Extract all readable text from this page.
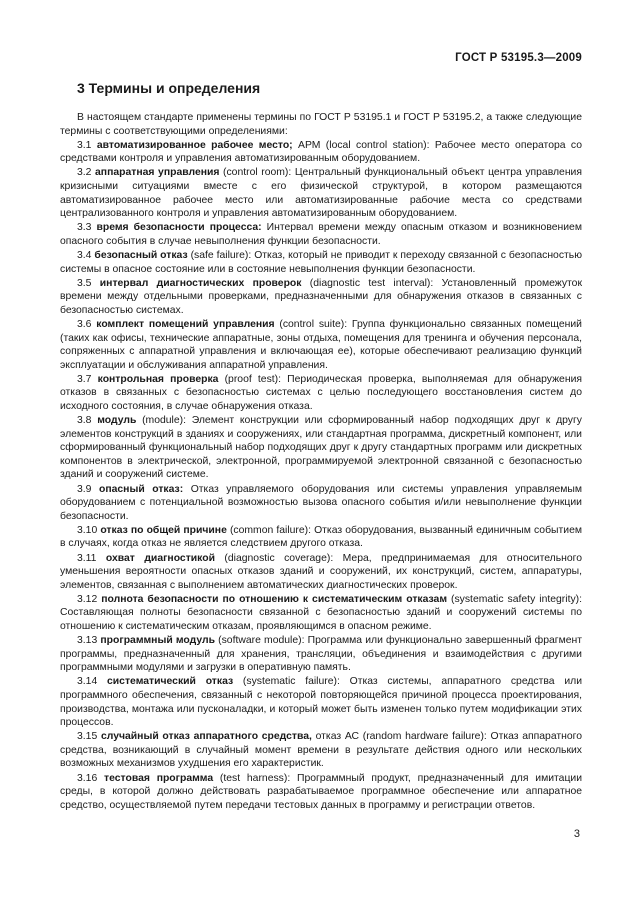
ГОСТ Р 53195.3—2009
3 Термины и определения

В настоящем стандарте применены термины по ГОСТ Р 53195.1 и ГОСТ Р 53195.2, а также следующие термины с соответствующими определениями:

3.1 автоматизированное рабочее место; АРМ (local control station): Рабочее место оператора со средствами контроля и управления автоматизированным оборудованием.

3.2 аппаратная управления (control room): Центральный функциональный объект центра управления кризисными ситуациями вместе с его физической структурой, в котором размещаются автоматизированное рабочее место или автоматизированные рабочие места со средствами централизованного контроля и управления автоматизированным оборудованием.

3.3 время безопасности процесса: Интервал времени между опасным отказом и возникновением опасного события в случае невыполнения функции безопасности.

3.4 безопасный отказ (safe failure): Отказ, который не приводит к переходу связанной с безопасностью системы в опасное состояние или в состояние невыполнения функции безопасности.

3.5 интервал диагностических проверок (diagnostic test interval): Установленный промежуток времени между отдельными проверками, предназначенными для обнаружения отказов в связанных с безопасностью системах.

3.6 комплект помещений управления (control suite): Группа функционально связанных помещений (таких как офисы, технические аппаратные, зоны отдыха, помещения для тренинга и обучения персонала, сопряженных с аппаратной управления и включающая ее), которые обеспечивают реализацию функций эксплуатации и обслуживания аппаратной управления.

3.7 контрольная проверка (proof test): Периодическая проверка, выполняемая для обнаружения отказов в связанных с безопасностью системах с целью последующего восстановления систем до исходного состояния, в случае обнаружения отказа.

3.8 модуль (module): Элемент конструкции или сформированный набор подходящих друг к другу элементов конструкций в зданиях и сооружениях, или стандартная программа, дискретный компонент, или сформированный функциональный набор подходящих друг к другу стандартных программ или дискретных компонентов в электрической, электронной, программируемой электронной связанной с безопасностью зданий и сооружений системе.

3.9 опасный отказ: Отказ управляемого оборудования или системы управления управляемым оборудованием с потенциальной возможностью вызова опасного события и/или невыполнение функции безопасности.

3.10 отказ по общей причине (common failure): Отказ оборудования, вызванный единичным событием в случаях, когда отказ не является следствием другого отказа.

3.11 охват диагностикой (diagnostic coverage): Мера, предпринимаемая для относительного уменьшения вероятности опасных отказов зданий и сооружений, их конструкций, систем, аппаратуры, элементов, связанная с выполнением автоматических диагностических проверок.

3.12 полнота безопасности по отношению к систематическим отказам (systematic safety integrity): Составляющая полноты безопасности связанной с безопасностью зданий и сооружений системы по отношению к систематическим отказам, проявляющимся в опасном режиме.

3.13 программный модуль (software module): Программа или функционально завершенный фрагмент программы, предназначенный для хранения, трансляции, объединения и взаимодействия с другими программными модулями и загрузки в оперативную память.

3.14 систематический отказ (systematic failure): Отказ системы, аппаратного средства или программного обеспечения, связанный с некоторой повторяющейся причиной процесса проектирования, производства, монтажа или пусконаладки, и который может быть изменен только путем модификации этих процессов.

3.15 случайный отказ аппаратного средства, отказ АС (random hardware failure): Отказ аппаратного средства, возникающий в случайный момент времени в результате действия одного или нескольких возможных механизмов ухудшения его характеристик.

3.16 тестовая программа (test harness): Программный продукт, предназначенный для имитации среды, в которой должно действовать разрабатываемое программное обеспечение или аппаратное средство, осуществляемой путем передачи тестовых данных в программу и регистрации ответов.

3
